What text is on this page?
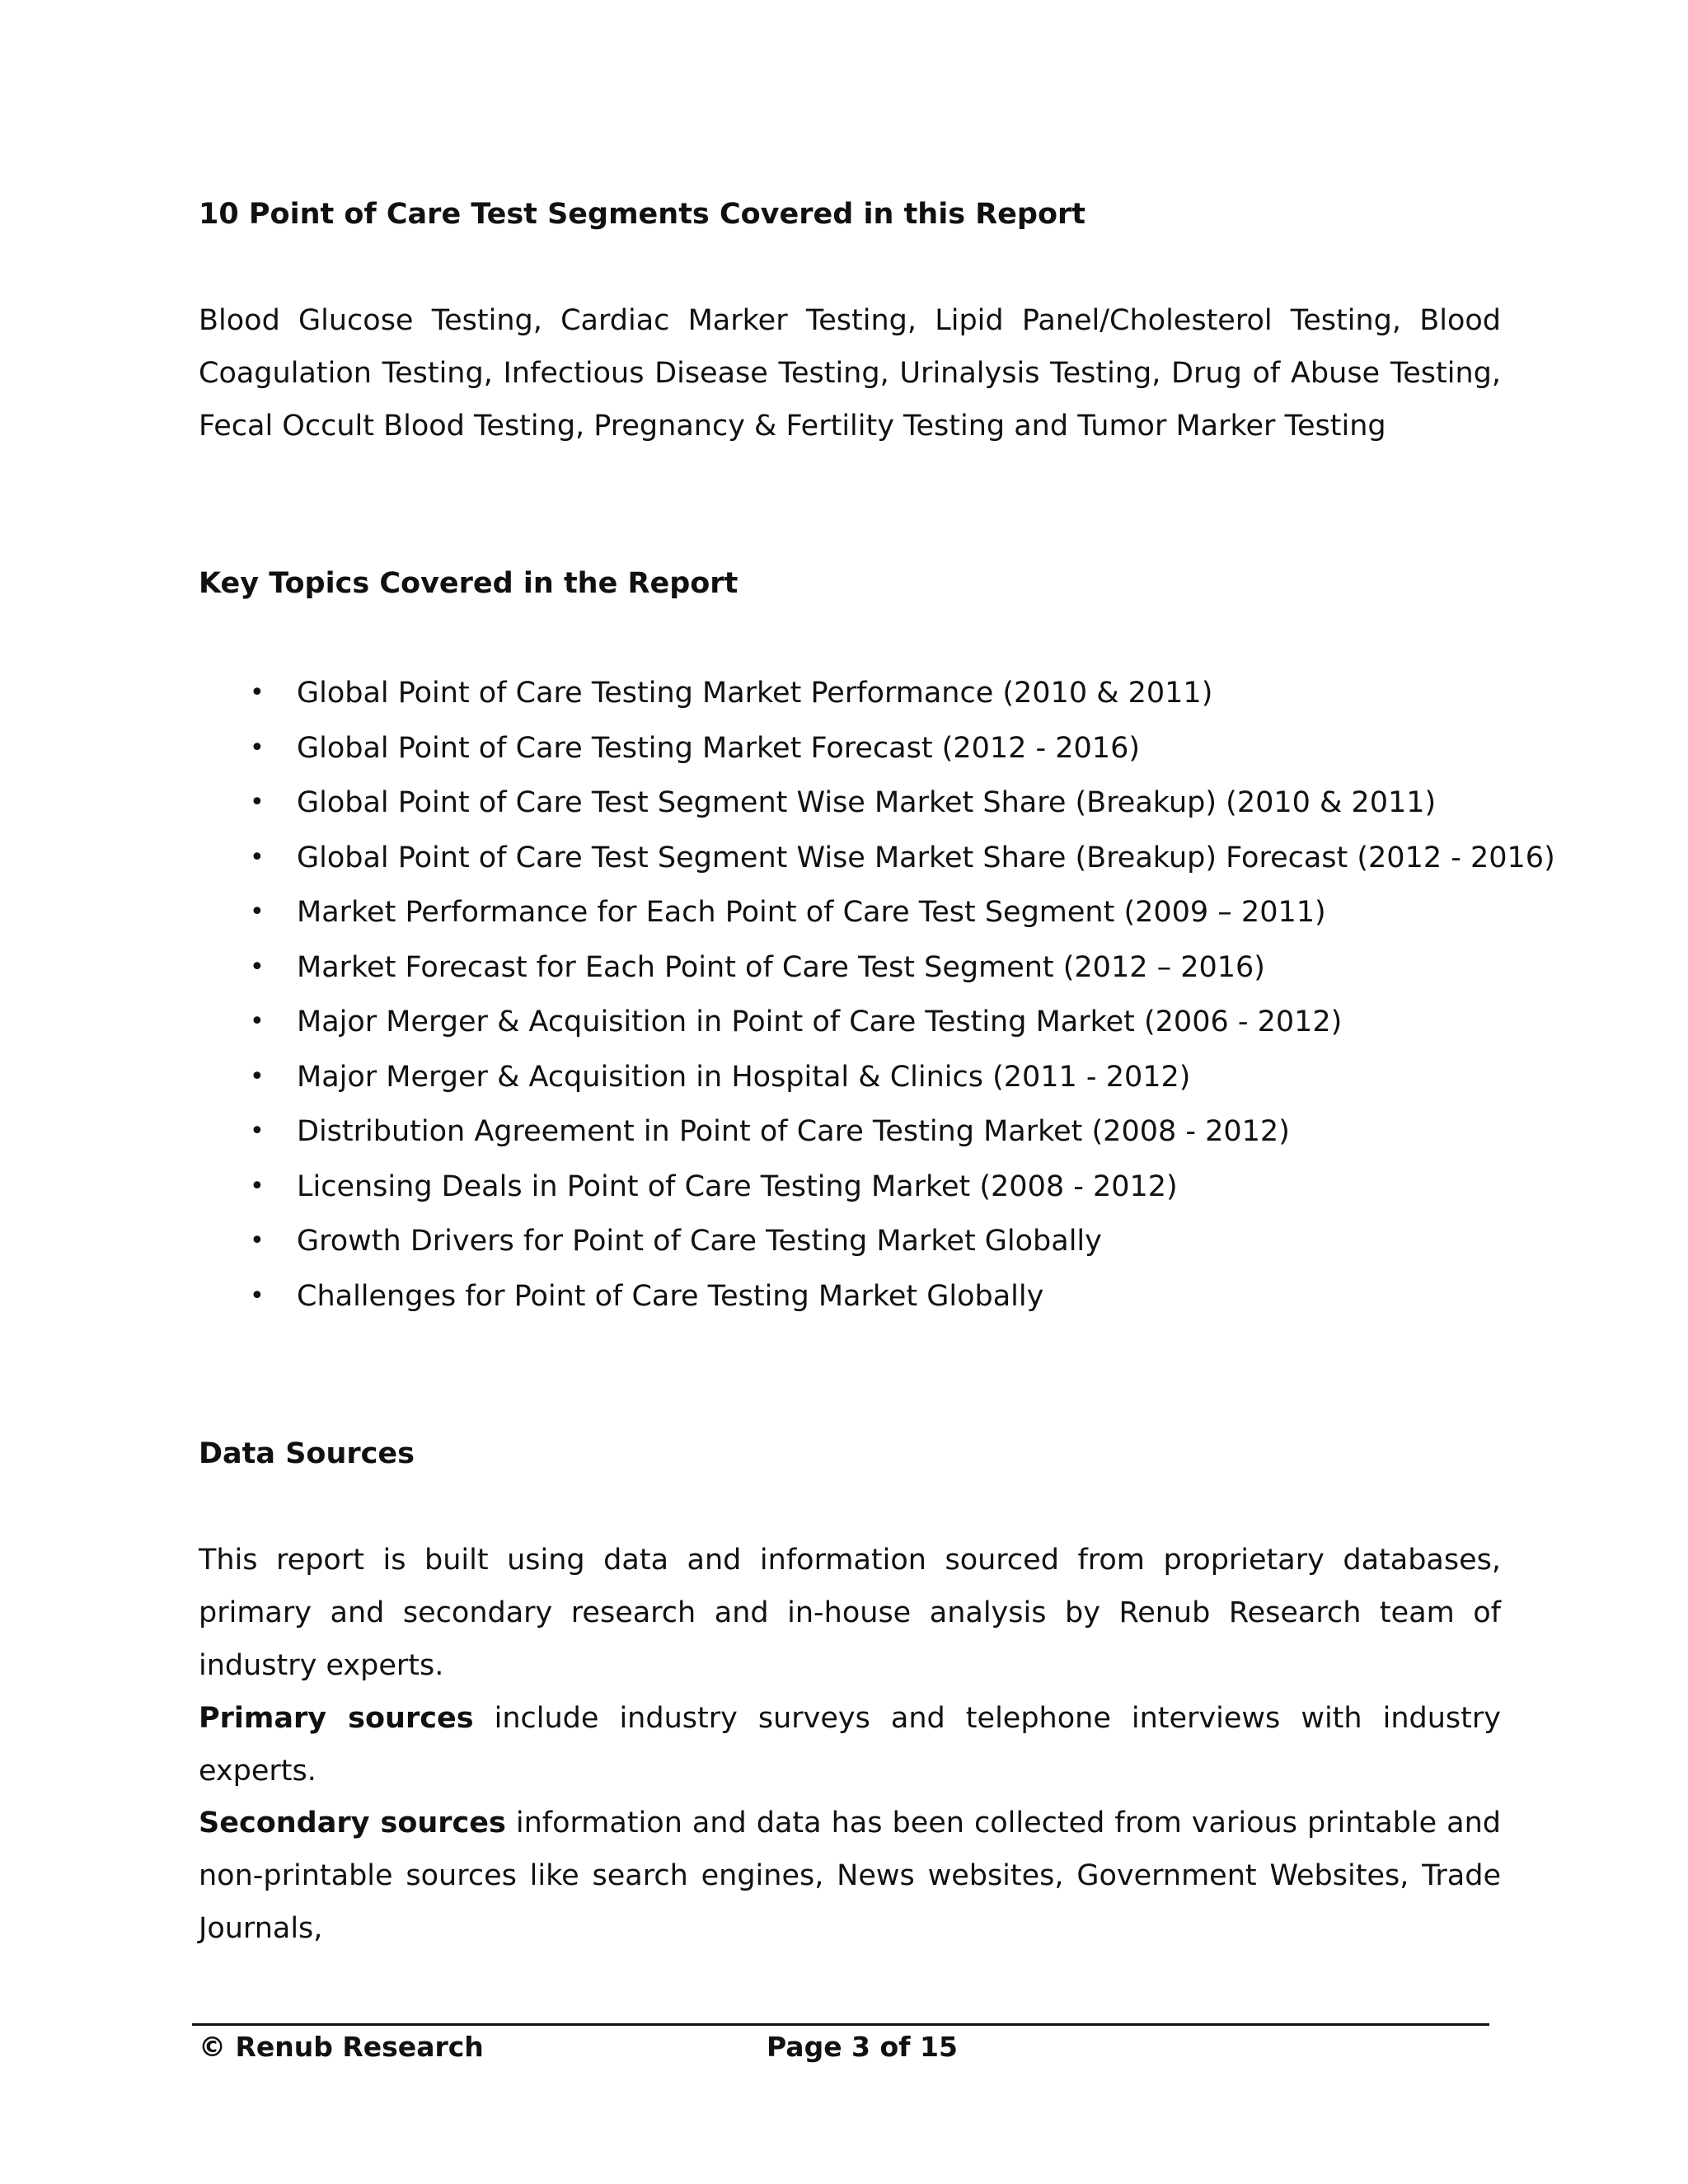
10 Point of Care Test Segments Covered in this Report
Blood Glucose Testing, Cardiac Marker Testing, Lipid Panel/Cholesterol Testing, Blood Coagulation Testing, Infectious Disease Testing, Urinalysis Testing, Drug of Abuse Testing, Fecal Occult Blood Testing, Pregnancy & Fertility Testing and Tumor Marker Testing
Key Topics Covered in the Report
• Global Point of Care Testing Market Performance (2010 & 2011)
• Global Point of Care Testing Market Forecast (2012 - 2016)
• Global Point of Care Test Segment Wise Market Share (Breakup) (2010 & 2011)
• Global Point of Care Test Segment Wise Market Share (Breakup) Forecast (2012 - 2016)
• Market Performance for Each Point of Care Test Segment (2009 – 2011)
• Market Forecast for Each Point of Care Test Segment (2012 – 2016)
• Major Merger & Acquisition in Point of Care Testing Market (2006 - 2012)
• Major Merger & Acquisition in Hospital & Clinics (2011 - 2012)
• Distribution Agreement in Point of Care Testing Market (2008 - 2012)
• Licensing Deals in Point of Care Testing Market (2008 - 2012)
• Growth Drivers for Point of Care Testing Market Globally
• Challenges for Point of Care Testing Market Globally
Data Sources
This report is built using data and information sourced from proprietary databases, primary and secondary research and in-house analysis by Renub Research team of industry experts.
Primary sources include industry surveys and telephone interviews with industry experts.
Secondary sources information and data has been collected from various printable and non-printable sources like search engines, News websites, Government Websites, Trade Journals,
© Renub Research	Page 3 of 15
